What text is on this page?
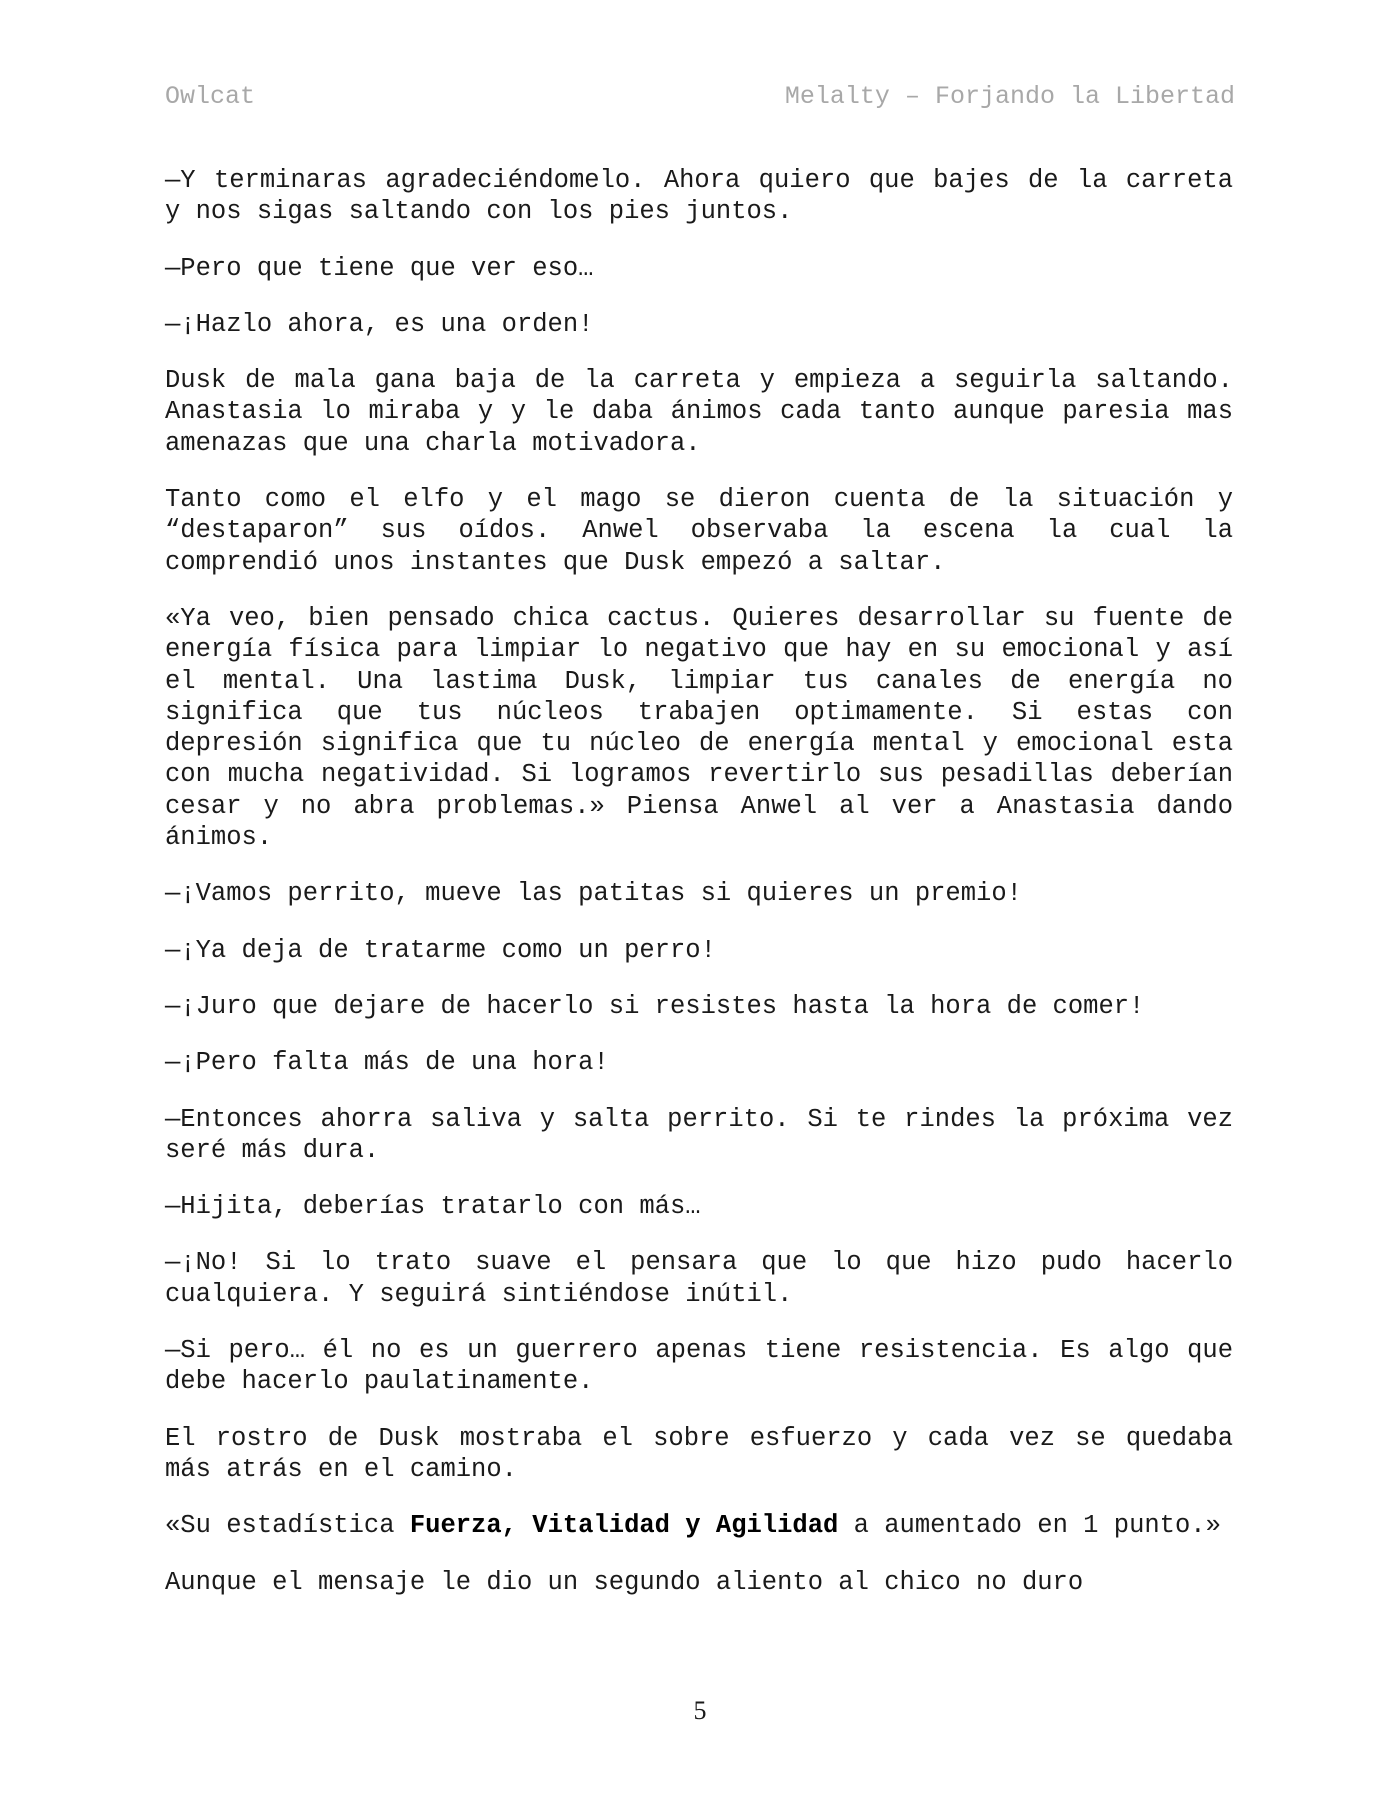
Owlcat	Melalty – Forjando la Libertad

—Y terminaras agradeciéndomelo. Ahora quiero que bajes de la carreta y nos sigas saltando con los pies juntos.

—Pero que tiene que ver eso…

—¡Hazlo ahora, es una orden!

Dusk de mala gana baja de la carreta y empieza a seguirla saltando. Anastasia lo miraba y y le daba ánimos cada tanto aunque paresia mas amenazas que una charla motivadora.

Tanto como el elfo y el mago se dieron cuenta de la situación y “destaparon” sus oídos. Anwel observaba la escena la cual la comprendió unos instantes que Dusk empezó a saltar.

«Ya veo, bien pensado chica cactus. Quieres desarrollar su fuente de energía física para limpiar lo negativo que hay en su emocional y así el mental. Una lastima Dusk, limpiar tus canales de energía no significa que tus núcleos trabajen optimamente. Si estas con depresión significa que tu núcleo de energía mental y emocional esta con mucha negatividad. Si logramos revertirlo sus pesadillas deberían cesar y no abra problemas.» Piensa Anwel al ver a Anastasia dando ánimos.

—¡Vamos perrito, mueve las patitas si quieres un premio!

—¡Ya deja de tratarme como un perro!

—¡Juro que dejare de hacerlo si resistes hasta la hora de comer!

—¡Pero falta más de una hora!

—Entonces ahorra saliva y salta perrito. Si te rindes la próxima vez seré más dura.

—Hijita, deberías tratarlo con más…

—¡No! Si lo trato suave el pensara que lo que hizo pudo hacerlo cualquiera. Y seguirá sintiéndose inútil.

—Si pero… él no es un guerrero apenas tiene resistencia. Es algo que debe hacerlo paulatinamente.

El rostro de Dusk mostraba el sobre esfuerzo y cada vez se quedaba más atrás en el camino.

«Su estadística Fuerza, Vitalidad y Agilidad a aumentado en 1 punto.»

Aunque el mensaje le dio un segundo aliento al chico no duro

5
